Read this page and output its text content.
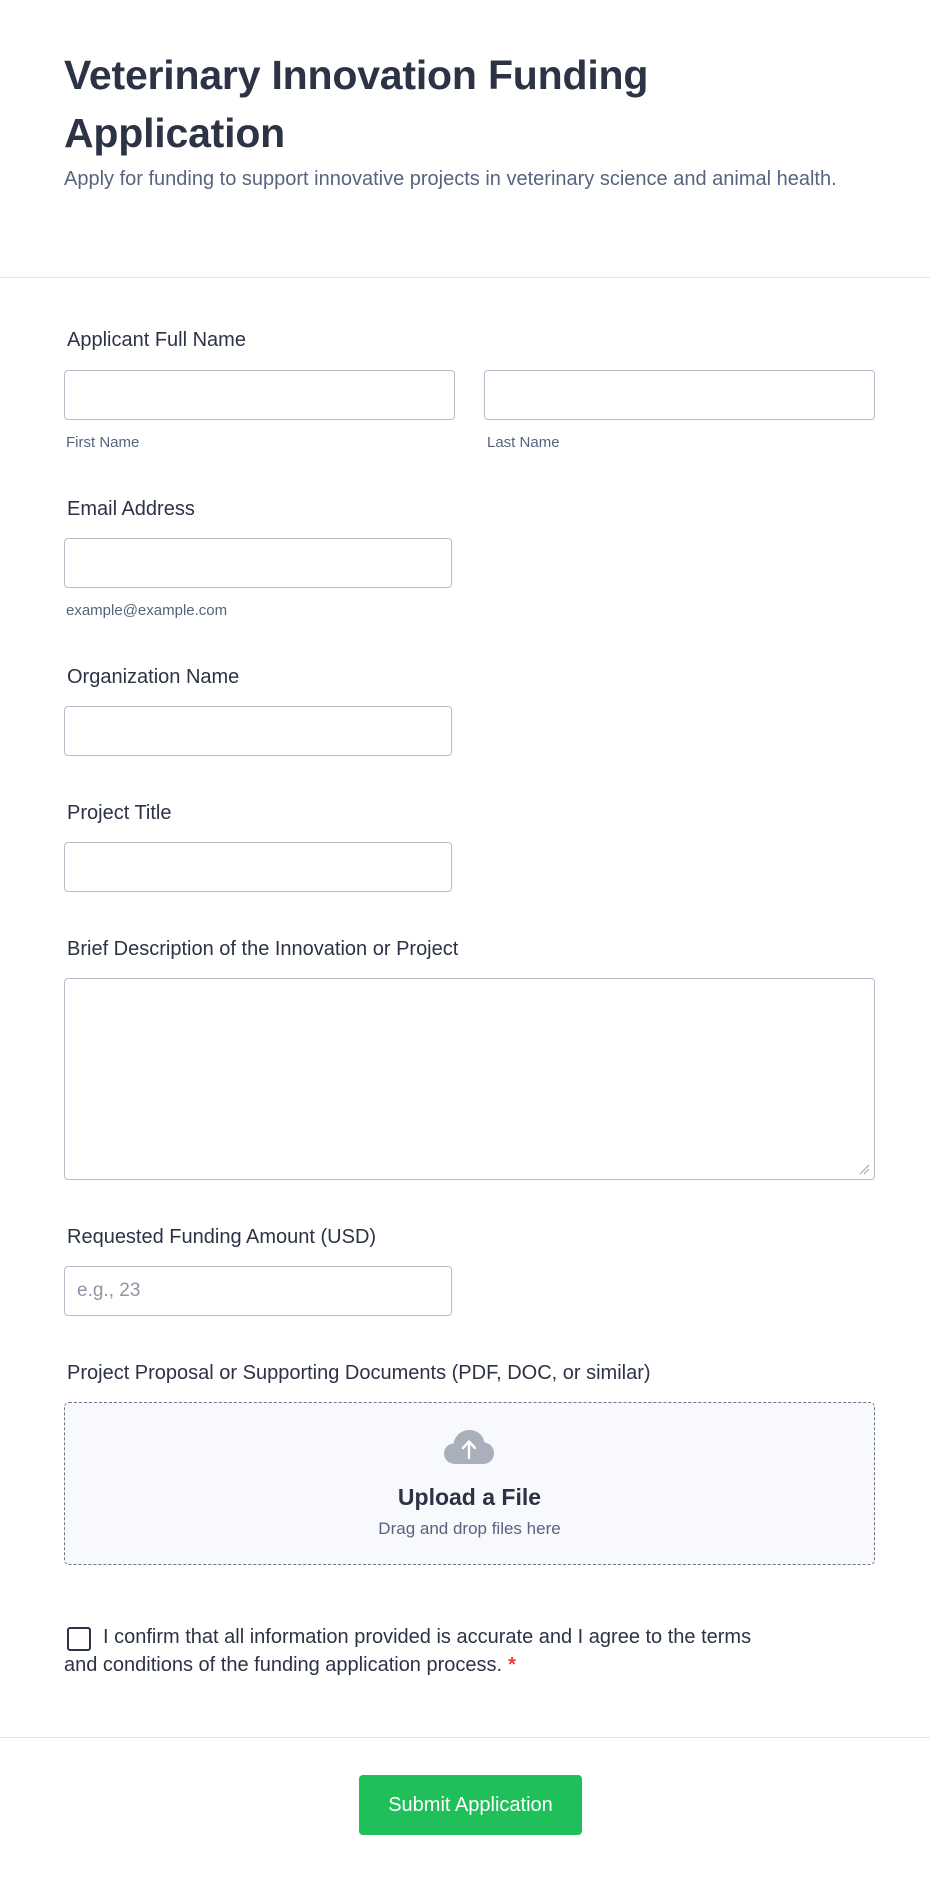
Veterinary Innovation Funding Application

Apply for funding to support innovative projects in veterinary science and animal health.

Applicant Full Name
First Name	Last Name
Email Address
example@example.com
Organization Name
Project Title
Brief Description of the Innovation or Project
Requested Funding Amount (USD)
e.g., 23
Project Proposal or Supporting Documents (PDF, DOC, or similar)
Upload a File
Drag and drop files here

I confirm that all information provided is accurate and I agree to the terms and conditions of the funding application process. *

Submit Application
